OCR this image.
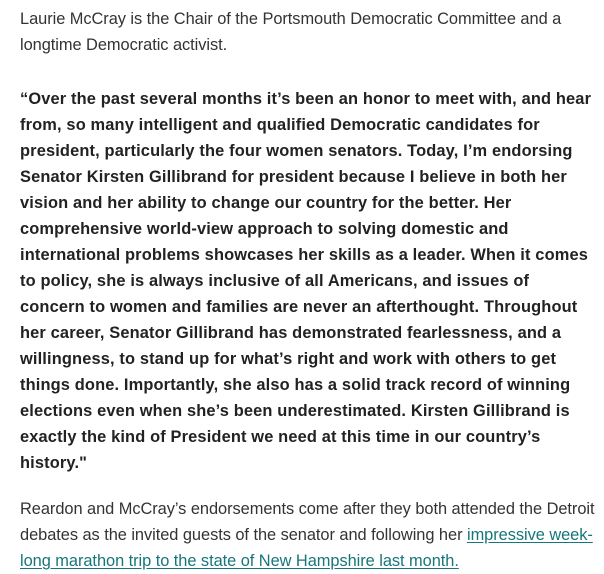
Laurie McCray is the Chair of the Portsmouth Democratic Committee and a longtime Democratic activist.

“Over the past several months it’s been an honor to meet with, and hear from, so many intelligent and qualified Democratic candidates for president, particularly the four women senators. Today, I’m endorsing Senator Kirsten Gillibrand for president because I believe in both her vision and her ability to change our country for the better. Her comprehensive world-view approach to solving domestic and international problems showcases her skills as a leader. When it comes to policy, she is always inclusive of all Americans, and issues of concern to women and families are never an afterthought. Throughout her career, Senator Gillibrand has demonstrated fearlessness, and a willingness, to stand up for what’s right and work with others to get things done. Importantly, she also has a solid track record of winning elections even when she’s been underestimated. Kirsten Gillibrand is exactly the kind of President we need at this time in our country’s history."

Reardon and McCray’s endorsements come after they both attended the Detroit debates as the invited guests of the senator and following her impressive week-long marathon trip to the state of New Hampshire last month.
